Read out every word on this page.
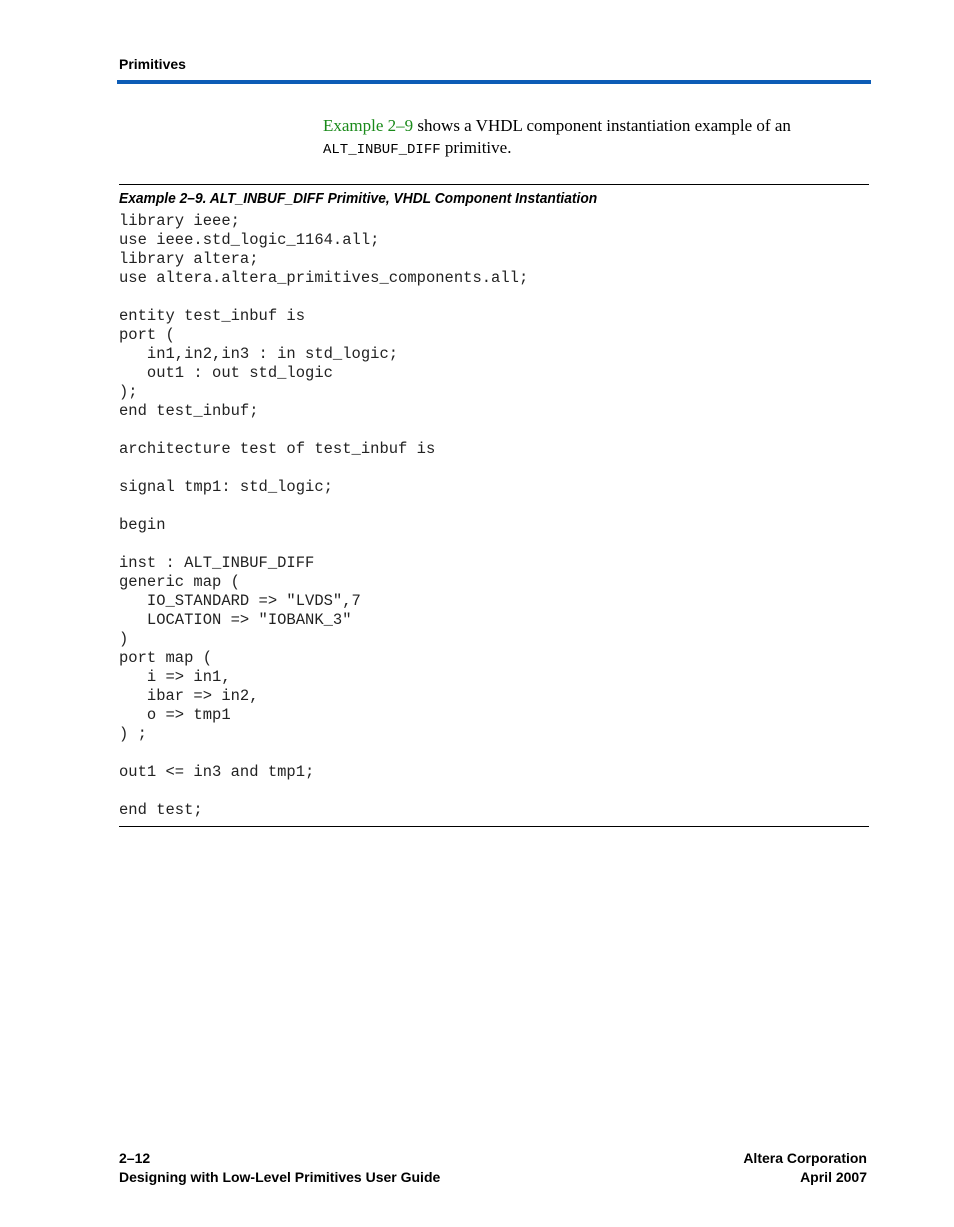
Primitives
Example 2–9 shows a VHDL component instantiation example of an
ALT_INBUF_DIFF primitive.
Example 2–9. ALT_INBUF_DIFF Primitive, VHDL Component Instantiation
library ieee;
use ieee.std_logic_1164.all;
library altera;
use altera.altera_primitives_components.all;

entity test_inbuf is
port (
in1,in2,in3 : in std_logic;
out1 : out std_logic
);
end test_inbuf;

architecture test of test_inbuf is

signal tmp1: std_logic;

begin

inst : ALT_INBUF_DIFF
generic map (
IO_STANDARD => "LVDS",7
LOCATION => "IOBANK_3"
)
port map (
i => in1,
ibar => in2,
o => tmp1
) ;

out1 <= in3 and tmp1;

end test;
2–12
Designing with Low-Level Primitives User Guide
Altera Corporation
April 2007
